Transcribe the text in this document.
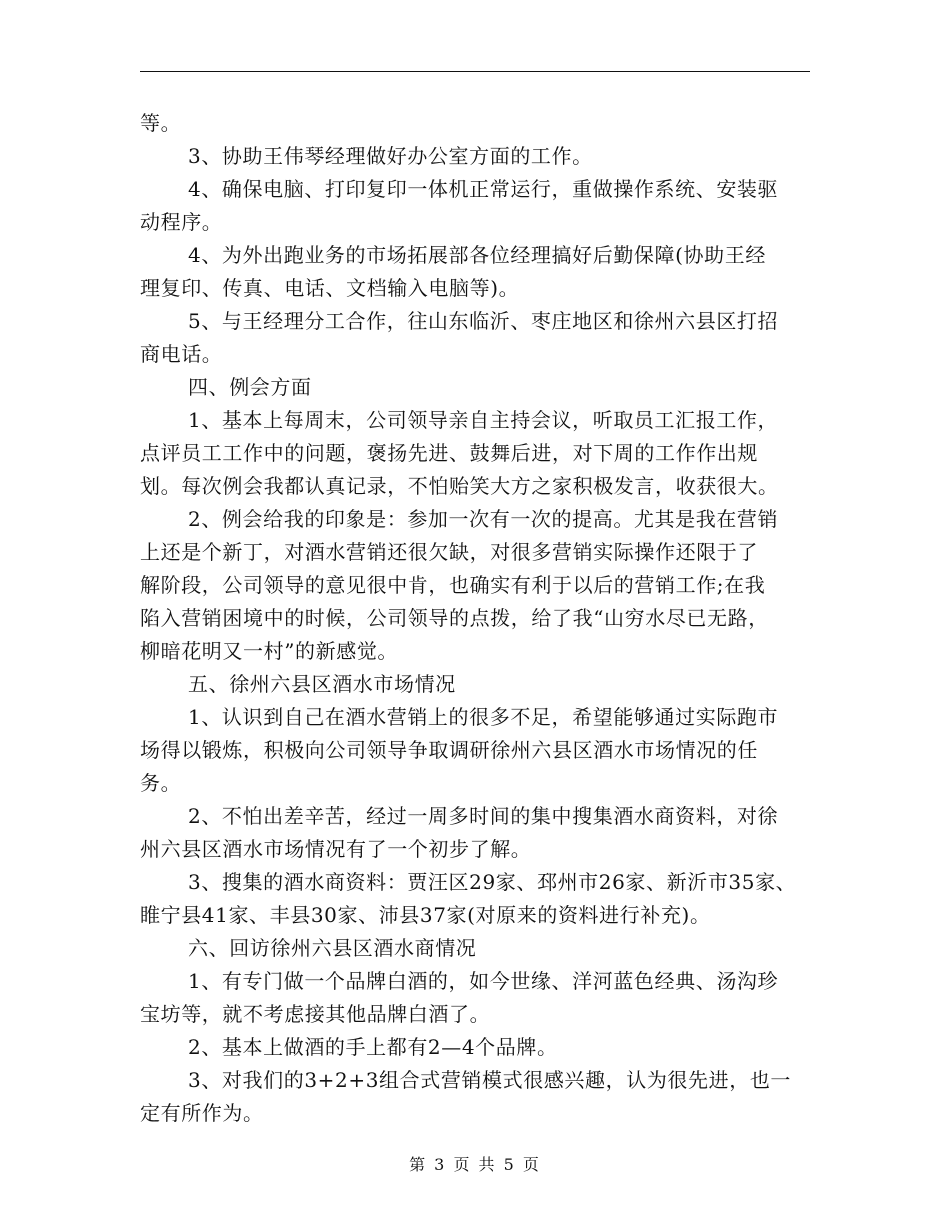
等。
3、协助王伟琴经理做好办公室方面的工作。
4、确保电脑、打印复印一体机正常运行，重做操作系统、安装驱
动程序。
4、为外出跑业务的市场拓展部各位经理搞好后勤保障(协助王经
理复印、传真、电话、文档输入电脑等)。
5、与王经理分工合作，往山东临沂、枣庄地区和徐州六县区打招
商电话。
四、例会方面
1、基本上每周末，公司领导亲自主持会议，听取员工汇报工作，
点评员工工作中的问题，褒扬先进、鼓舞后进，对下周的工作作出规
划。每次例会我都认真记录，不怕贻笑大方之家积极发言，收获很大。
2、例会给我的印象是：参加一次有一次的提高。尤其是我在营销
上还是个新丁，对酒水营销还很欠缺，对很多营销实际操作还限于了
解阶段，公司领导的意见很中肯，也确实有利于以后的营销工作;在我
陷入营销困境中的时候，公司领导的点拨，给了我“山穷水尽已无路，
柳暗花明又一村”的新感觉。
五、徐州六县区酒水市场情况
1、认识到自己在酒水营销上的很多不足，希望能够通过实际跑市
场得以锻炼，积极向公司领导争取调研徐州六县区酒水市场情况的任
务。
2、不怕出差辛苦，经过一周多时间的集中搜集酒水商资料，对徐
州六县区酒水市场情况有了一个初步了解。
3、搜集的酒水商资料：贾汪区29家、邳州市26家、新沂市35家、
睢宁县41家、丰县30家、沛县37家(对原来的资料进行补充)。
六、回访徐州六县区酒水商情况
1、有专门做一个品牌白酒的，如今世缘、洋河蓝色经典、汤沟珍
宝坊等，就不考虑接其他品牌白酒了。
2、基本上做酒的手上都有2—4个品牌。
3、对我们的3+2+3组合式营销模式很感兴趣，认为很先进，也一
定有所作为。
第 3 页 共 5 页
